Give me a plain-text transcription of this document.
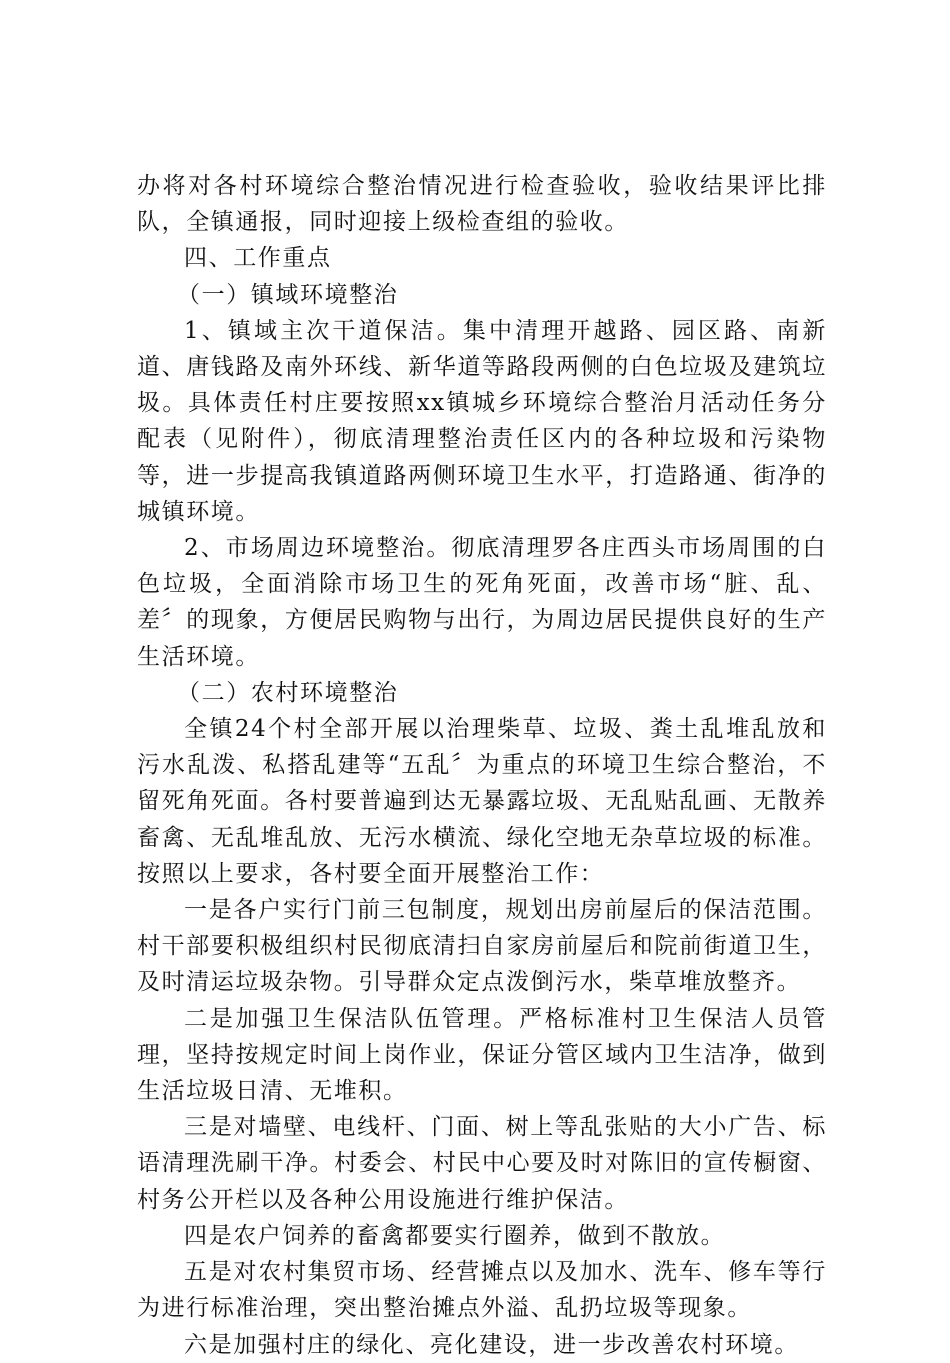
办将对各村环境综合整治情况进行检查验收，验收结果评比排队，全镇通报，同时迎接上级检查组的验收。

四、工作重点

（一）镇域环境整治

1、镇域主次干道保洁。集中清理开越路、园区路、南新道、唐钱路及南外环线、新华道等路段两侧的白色垃圾及建筑垃圾。具体责任村庄要按照xx镇城乡环境综合整治月活动任务分配表（见附件），彻底清理整治责任区内的各种垃圾和污染物等，进一步提高我镇道路两侧环境卫生水平，打造路通、街净的城镇环境。

2、市场周边环境整治。彻底清理罗各庄西头市场周围的白色垃圾，全面消除市场卫生的死角死面，改善市场“脏、乱、差〞的现象，方便居民购物与出行，为周边居民提供良好的生产生活环境。

（二）农村环境整治

全镇24个村全部开展以治理柴草、垃圾、粪土乱堆乱放和污水乱泼、私搭乱建等“五乱〞为重点的环境卫生综合整治，不留死角死面。各村要普遍到达无暴露垃圾、无乱贴乱画、无散养畜禽、无乱堆乱放、无污水横流、绿化空地无杂草垃圾的标准。按照以上要求，各村要全面开展整治工作：

一是各户实行门前三包制度，规划出房前屋后的保洁范围。村干部要积极组织村民彻底清扫自家房前屋后和院前街道卫生，及时清运垃圾杂物。引导群众定点泼倒污水，柴草堆放整齐。

二是加强卫生保洁队伍管理。严格标准村卫生保洁人员管理，坚持按规定时间上岗作业，保证分管区域内卫生洁净，做到生活垃圾日清、无堆积。

三是对墙壁、电线杆、门面、树上等乱张贴的大小广告、标语清理洗刷干净。村委会、村民中心要及时对陈旧的宣传橱窗、村务公开栏以及各种公用设施进行维护保洁。

四是农户饲养的畜禽都要实行圈养，做到不散放。

五是对农村集贸市场、经营摊点以及加水、洗车、修车等行为进行标准治理，突出整治摊点外溢、乱扔垃圾等现象。

六是加强村庄的绿化、亮化建设，进一步改善农村环境。
